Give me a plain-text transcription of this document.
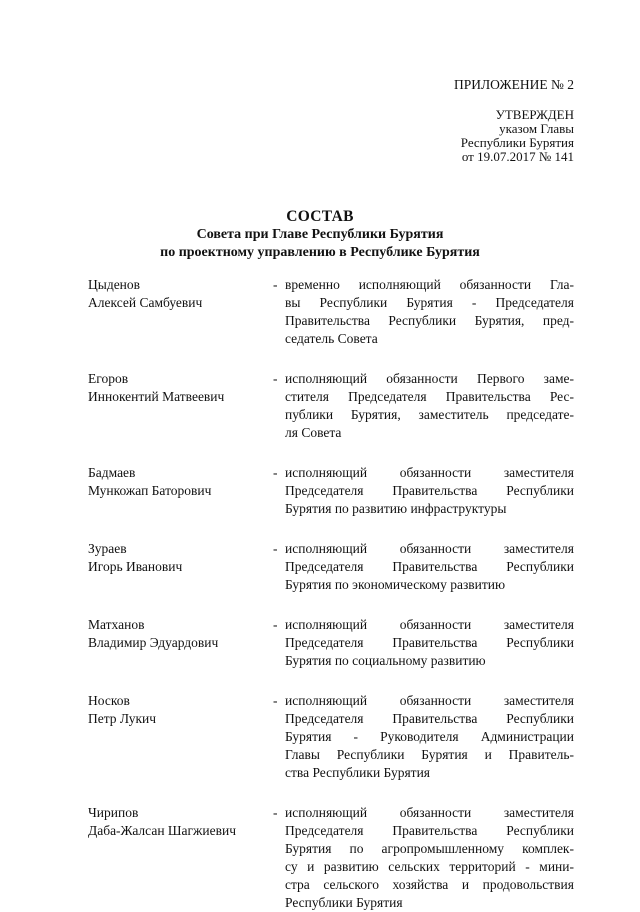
ПРИЛОЖЕНИЕ № 2
УТВЕРЖДЕН
указом Главы
Республики Бурятия
от 19.07.2017 № 141
СОСТАВ
Совета при Главе Республики Бурятия
по проектному управлению в Республике Бурятия
Цыденов
Алексей Самбуевич
- временно исполняющий обязанности Гла-
вы Республики Бурятия - Председателя
Правительства Республики Бурятия, пред-
седатель Совета
Егоров
Иннокентий Матвеевич
- исполняющий обязанности Первого заме-
стителя Председателя Правительства Рес-
публики Бурятия, заместитель председате-
ля Совета
Бадмаев
Мункожап Баторович
- исполняющий обязанности заместителя
Председателя Правительства Республики
Бурятия по развитию инфраструктуры
Зураев
Игорь Иванович
- исполняющий обязанности заместителя
Председателя Правительства Республики
Бурятия по экономическому развитию
Матханов
Владимир Эдуардович
- исполняющий обязанности заместителя
Председателя Правительства Республики
Бурятия по социальному развитию
Носков
Петр Лукич
- исполняющий обязанности заместителя
Председателя Правительства Республики
Бурятия - Руководителя Администрации
Главы Республики Бурятия и Правитель-
ства Республики Бурятия
Чирипов
Даба-Жалсан Шагжиевич
- исполняющий обязанности заместителя
Председателя Правительства Республики
Бурятия по агропромышленному комплек-
су и развитию сельских территорий - мини-
стра сельского хозяйства и продовольствия
Республики Бурятия
